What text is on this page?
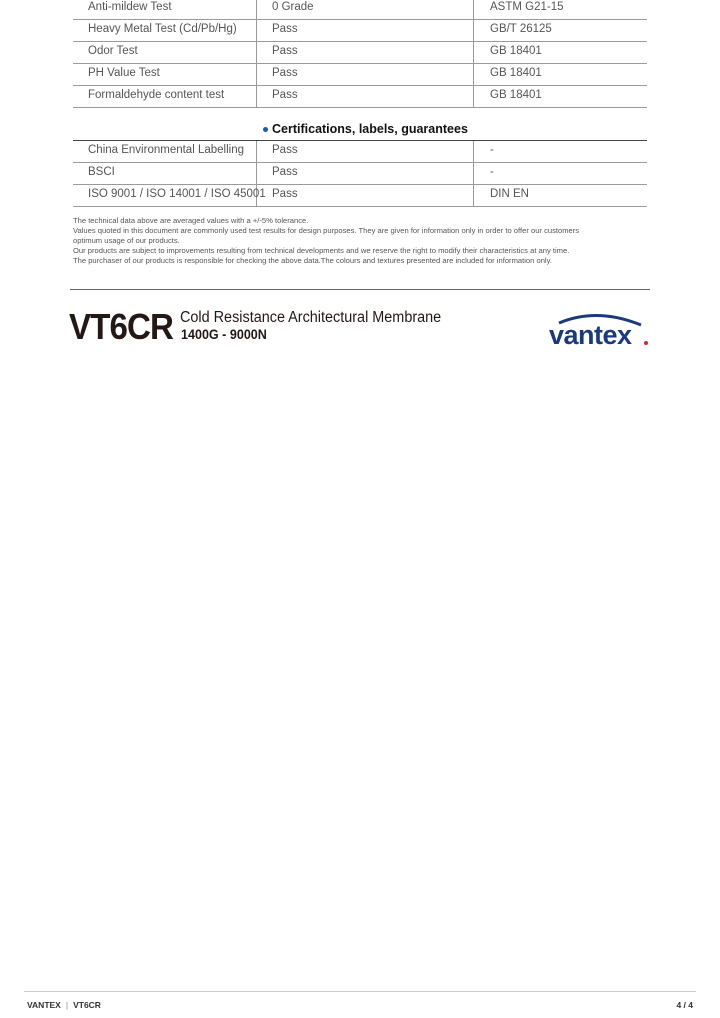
Anti-mildew Test	0 Grade	ASTM G21-15
Heavy Metal Test (Cd/Pb/Hg)	Pass	GB/T 26125
Odor Test	Pass	GB 18401
PH Value Test	Pass	GB 18401
Formaldehyde content test	Pass	GB 18401
Certifications, labels, guarantees
China Environmental Labelling Pass	-
BSCI	Pass	-
ISO 9001 / ISO 14001 / ISO 45001 Pass	DIN EN
The technical data above are averaged values with a +/-5% tolerance.
Values quoted in this document are commonly used test results for design purposes. They are given for information only in order to offer our customers
optimum usage of our products.
Our products are subject to improvements resulting from technical developments and we reserve the right to modify their characteristics at any time.
The purchaser of our products is responsible for checking the above data.The colours and textures presented are included for information only.
VT6CR Cold Resistance Architectural Membrane
1400G - 9000N	vantex
VANTEX | VT6CR	4 / 4
